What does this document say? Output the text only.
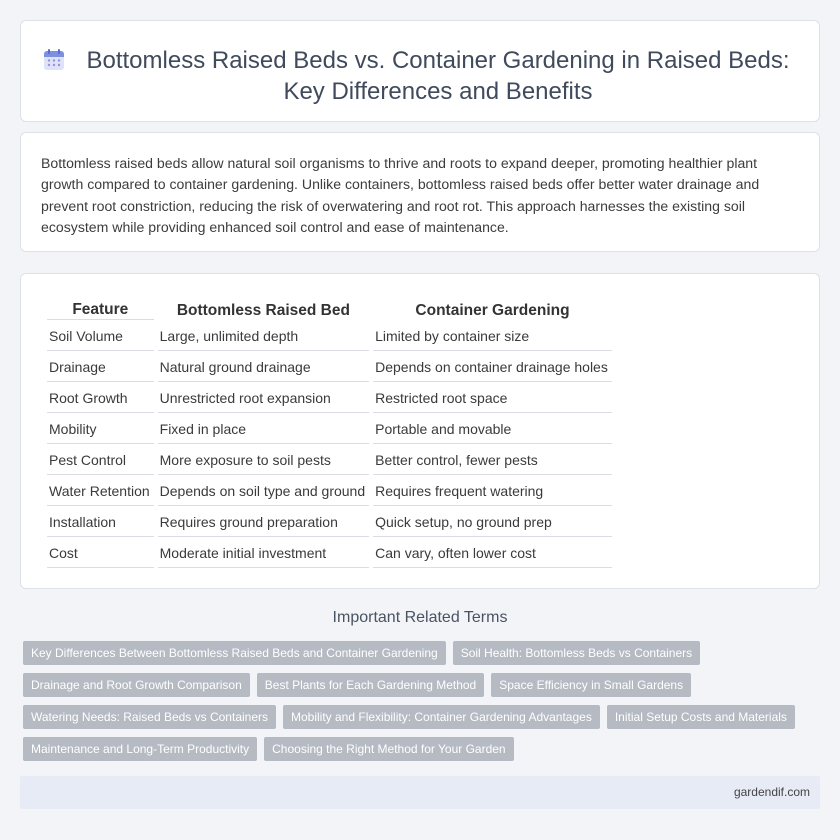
Bottomless Raised Beds vs. Container Gardening in Raised Beds: Key Differences and Benefits

Bottomless raised beds allow natural soil organisms to thrive and roots to expand deeper, promoting healthier plant growth compared to container gardening. Unlike containers, bottomless raised beds offer better water drainage and prevent root constriction, reducing the risk of overwatering and root rot. This approach harnesses the existing soil ecosystem while providing enhanced soil control and ease of maintenance.

Feature	Bottomless Raised Bed	Container Gardening
Soil Volume	Large, unlimited depth	Limited by container size
Drainage	Natural ground drainage	Depends on container drainage holes
Root Growth	Unrestricted root expansion	Restricted root space
Mobility	Fixed in place	Portable and movable
Pest Control	More exposure to soil pests	Better control, fewer pests
Water Retention	Depends on soil type and ground	Requires frequent watering
Installation	Requires ground preparation	Quick setup, no ground prep
Cost	Moderate initial investment	Can vary, often lower cost
Important Related Terms
Key Differences Between Bottomless Raised Beds and Container Gardening	Soil Health: Bottomless Beds vs Containers
Drainage and Root Growth Comparison	Best Plants for Each Gardening Method	Space Efficiency in Small Gardens
Watering Needs: Raised Beds vs Containers	Mobility and Flexibility: Container Gardening Advantages	Initial Setup Costs and Materials
Maintenance and Long-Term Productivity	Choosing the Right Method for Your Garden
gardendif.com
